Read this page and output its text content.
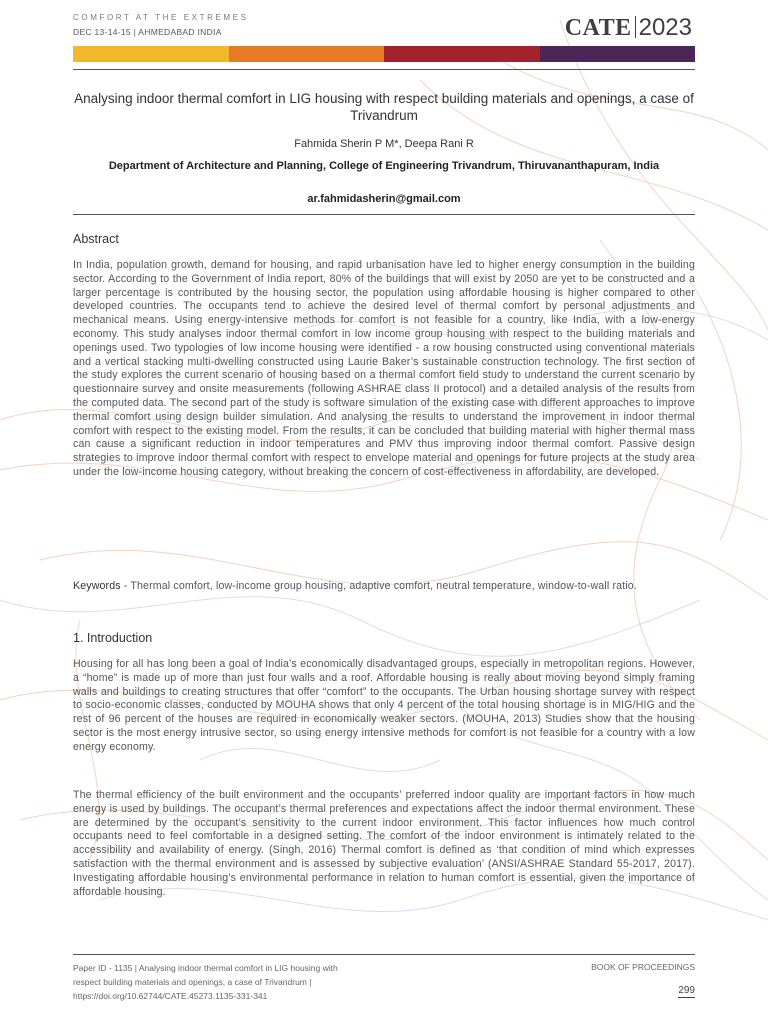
COMFORT AT THE EXTREMES
DEC 13-14-15 | AHMEDABAD INDIA	CATE 2023
Analysing indoor thermal comfort in LIG housing with respect building materials and openings, a case of Trivandrum
Fahmida Sherin P M*, Deepa Rani R
Department of Architecture and Planning, College of Engineering Trivandrum, Thiruvananthapuram, India
ar.fahmidasherin@gmail.com
Abstract
In India, population growth, demand for housing, and rapid urbanisation have led to higher energy consumption in the building sector. According to the Government of India report, 80% of the buildings that will exist by 2050 are yet to be constructed and a larger percentage is contributed by the housing sector, the population using affordable housing is higher compared to other developed countries. The occupants tend to achieve the desired level of thermal comfort by personal adjustments and mechanical means. Using energy-intensive methods for comfort is not feasible for a country, like India, with a low-energy economy. This study analyses indoor thermal comfort in low income group housing with respect to the building materials and openings used. Two typologies of low income housing were identified - a row housing constructed using conventional materials and a vertical stacking multi-dwelling constructed using Laurie Baker’s sustainable construction technology. The first section of the study explores the current scenario of housing based on a thermal comfort field study to understand the current scenario by questionnaire survey and onsite measurements (following ASHRAE class II protocol) and a detailed analysis of the results from the computed data. The second part of the study is software simulation of the existing case with different approaches to improve thermal comfort using design builder simulation. And analysing the results to understand the improvement in indoor thermal comfort with respect to the existing model. From the results, it can be concluded that building material with higher thermal mass can cause a significant reduction in indoor temperatures and PMV thus improving indoor thermal comfort. Passive design strategies to improve indoor thermal comfort with respect to envelope material and openings for future projects at the study area under the low-income housing category, without breaking the concern of cost-effectiveness in affordability, are developed.
Keywords - Thermal comfort, low-income group housing, adaptive comfort, neutral temperature, window-to-wall ratio.
1. Introduction
Housing for all has long been a goal of India’s economically disadvantaged groups, especially in metropolitan regions. However, a “home” is made up of more than just four walls and a roof. Affordable housing is really about moving beyond simply framing walls and buildings to creating structures that offer “comfort” to the occupants. The Urban housing shortage survey with respect to socio-economic classes, conducted by MOUHA shows that only 4 percent of the total housing shortage is in MIG/HIG and the rest of 96 percent of the houses are required in economically weaker sectors. (MOUHA, 2013) Studies show that the housing sector is the most energy intrusive sector, so using energy intensive methods for comfort is not feasible for a country with a low energy economy.
The thermal efficiency of the built environment and the occupants’ preferred indoor quality are important factors in how much energy is used by buildings. The occupant’s thermal preferences and expectations affect the indoor thermal environment. These are determined by the occupant’s sensitivity to the current indoor environment. This factor influences how much control occupants need to feel comfortable in a designed setting. The comfort of the indoor environment is intimately related to the accessibility and availability of energy. (Singh, 2016) Thermal comfort is defined as ‘that condition of mind which expresses satisfaction with the thermal environment and is assessed by subjective evaluation’ (ANSI/ASHRAE Standard 55-2017, 2017). Investigating affordable housing’s environmental performance in relation to human comfort is essential, given the importance of affordable housing.
Paper ID - 1135 | Analysing indoor thermal comfort in LIG housing with
respect building materials and openings, a case of Trivandrum |
https://doi.org/10.62744/CATE.45273.1135-331-341
BOOK OF PROCEEDINGS
299
